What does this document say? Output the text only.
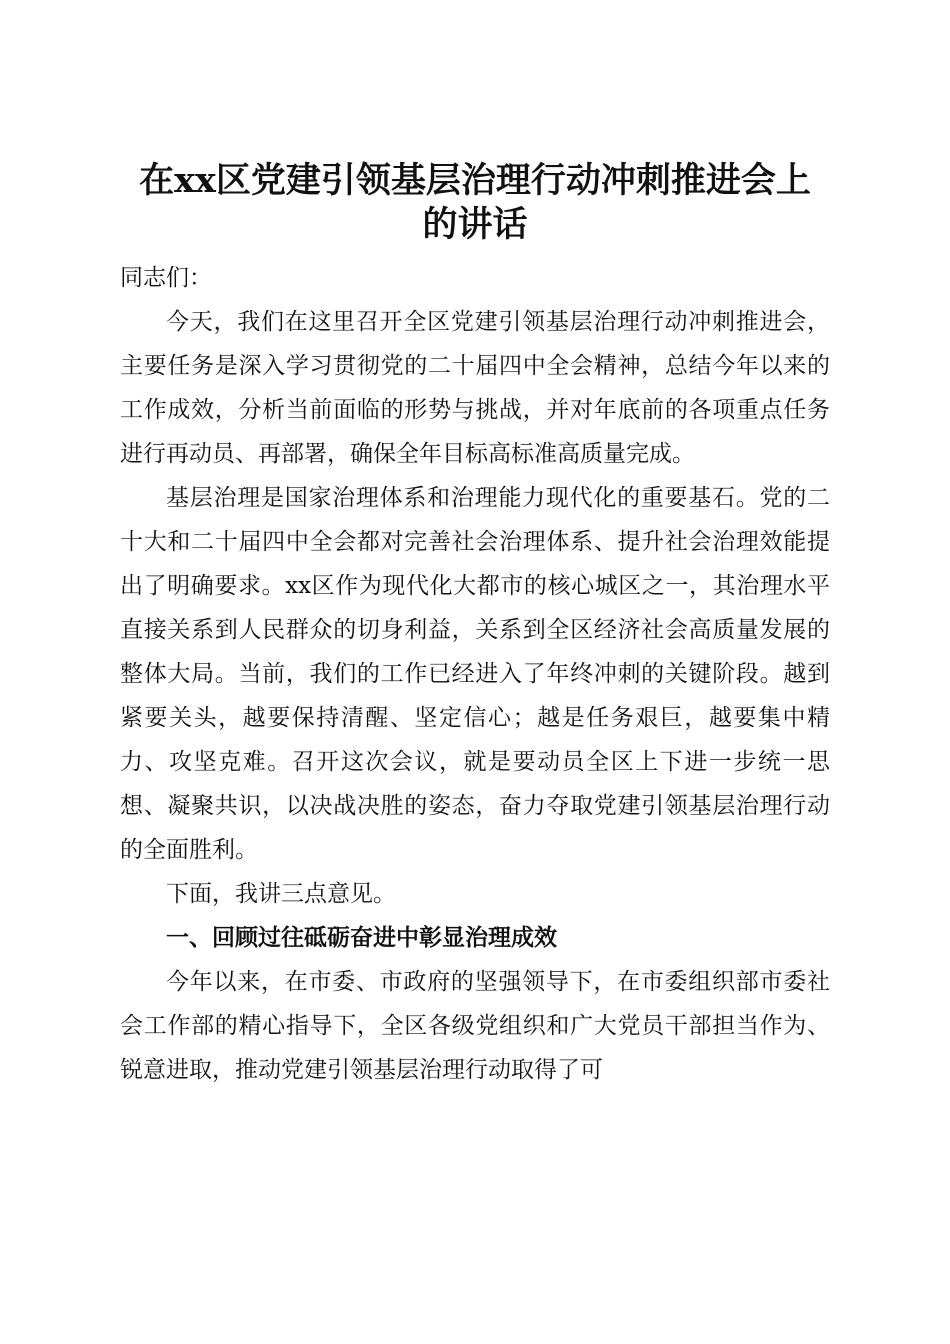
在xx区党建引领基层治理行动冲刺推进会上
的讲话

同志们：

今天，我们在这里召开全区党建引领基层治理行动冲刺推进会，主要任务是深入学习贯彻党的二十届四中全会精神，总结今年以来的工作成效，分析当前面临的形势与挑战，并对年底前的各项重点任务进行再动员、再部署，确保全年目标高标准高质量完成。

基层治理是国家治理体系和治理能力现代化的重要基石。党的二十大和二十届四中全会都对完善社会治理体系、提升社会治理效能提出了明确要求。xx区作为现代化大都市的核心城区之一，其治理水平直接关系到人民群众的切身利益，关系到全区经济社会高质量发展的整体大局。当前，我们的工作已经进入了年终冲刺的关键阶段。越到紧要关头，越要保持清醒、坚定信心；越是任务艰巨，越要集中精力、攻坚克难。召开这次会议，就是要动员全区上下进一步统一思想、凝聚共识，以决战决胜的姿态，奋力夺取党建引领基层治理行动的全面胜利。

下面，我讲三点意见。

一、回顾过往砥砺奋进中彰显治理成效

今年以来，在市委、市政府的坚强领导下，在市委组织部市委社会工作部的精心指导下，全区各级党组织和广大党员干部担当作为、锐意进取，推动党建引领基层治理行动取得了可
